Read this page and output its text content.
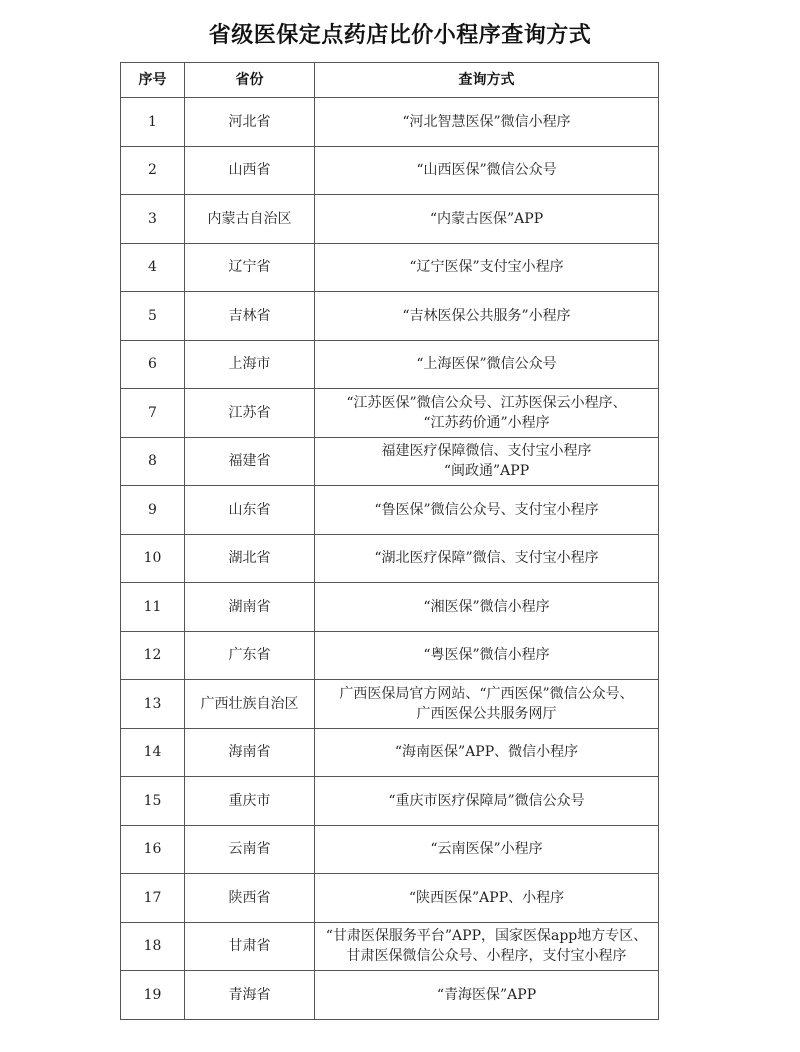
省级医保定点药店比价小程序查询方式
序号	省份	查询方式
1	河北省	“河北智慧医保”微信小程序
2	山西省	“山西医保”微信公众号
3	内蒙古自治区	“内蒙古医保”APP
4	辽宁省	“辽宁医保”支付宝小程序
5	吉林省	“吉林医保公共服务”小程序
6	上海市	“上海医保”微信公众号
7	江苏省	“江苏医保”微信公众号、江苏医保云小程序、
“江苏药价通”小程序
8	福建省	福建医疗保障微信、支付宝小程序
“闽政通”APP
9	山东省	“鲁医保”微信公众号、支付宝小程序
10	湖北省	“湖北医疗保障”微信、支付宝小程序
11	湖南省	“湘医保”微信小程序
12	广东省	“粤医保”微信小程序
13	广西壮族自治区	广西医保局官方网站、“广西医保”微信公众号、
广西医保公共服务网厅
14	海南省	“海南医保”APP、微信小程序
15	重庆市	“重庆市医疗保障局”微信公众号
16	云南省	“云南医保”小程序
17	陕西省	“陕西医保”APP、小程序
18	甘肃省	“甘肃医保服务平台”APP，国家医保app地方专区、
甘肃医保微信公众号、小程序，支付宝小程序
19	青海省	“青海医保”APP
